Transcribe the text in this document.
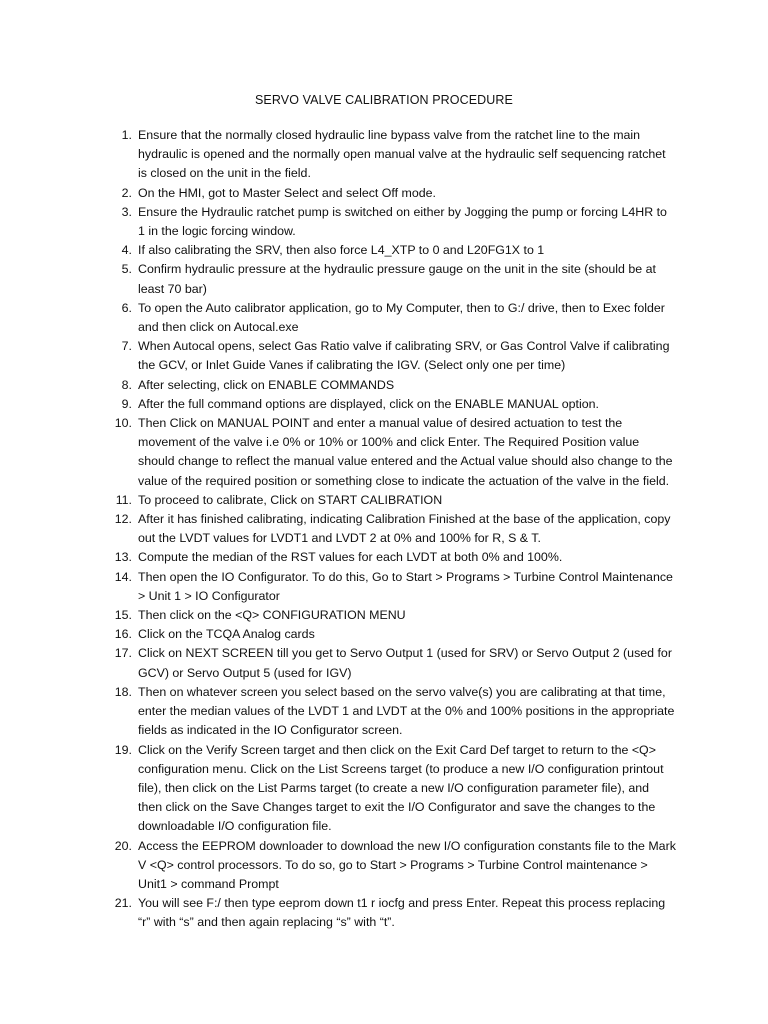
SERVO VALVE CALIBRATION PROCEDURE
1. Ensure that the normally closed hydraulic line bypass valve from the ratchet line to the main hydraulic is opened and the normally open manual valve at the hydraulic self sequencing ratchet is closed on the unit in the field.
2. On the HMI, got to Master Select and select Off mode.
3. Ensure the Hydraulic ratchet pump is switched on either by Jogging the pump or forcing L4HR to 1 in the logic forcing window.
4. If also calibrating the SRV, then also force L4_XTP to 0 and L20FG1X to 1
5. Confirm hydraulic pressure at the hydraulic pressure gauge on the unit in the site (should be at least 70 bar)
6. To open the Auto calibrator application, go to My Computer, then to G:/ drive, then to Exec folder and then click on Autocal.exe
7. When Autocal opens, select Gas Ratio valve if calibrating SRV, or Gas Control Valve if calibrating the GCV, or Inlet Guide Vanes if calibrating the IGV. (Select only one per time)
8. After selecting, click on ENABLE COMMANDS
9. After the full command options are displayed, click on the ENABLE MANUAL option.
10. Then Click on MANUAL POINT and enter a manual value of desired actuation to test the movement of the valve i.e 0% or 10% or 100% and click Enter. The Required Position value should change to reflect the manual value entered and the Actual value should also change to the value of the required position or something close to indicate the actuation of the valve in the field.
11. To proceed to calibrate, Click on START CALIBRATION
12. After it has finished calibrating, indicating Calibration Finished at the base of the application, copy out the LVDT values for LVDT1 and LVDT 2 at 0% and 100% for R, S & T.
13. Compute the median of the RST values for each LVDT at both 0% and 100%.
14. Then open the IO Configurator. To do this, Go to Start > Programs > Turbine Control Maintenance > Unit 1 > IO Configurator
15. Then click on the <Q> CONFIGURATION MENU
16. Click on the TCQA Analog cards
17. Click on NEXT SCREEN till you get to Servo Output 1 (used for SRV) or Servo Output 2 (used for GCV) or Servo Output 5 (used for IGV)
18. Then on whatever screen you select based on the servo valve(s) you are calibrating at that time, enter the median values of the LVDT 1 and LVDT at the 0% and 100% positions in the appropriate fields as indicated in the IO Configurator screen.
19. Click on the Verify Screen target and then click on the Exit Card Def target to return to the <Q> configuration menu. Click on the List Screens target (to produce a new I/O configuration printout file), then click on the List Parms target (to create a new I/O configuration parameter file), and then click on the Save Changes target to exit the I/O Configurator and save the changes to the downloadable I/O configuration file.
20. Access the EEPROM downloader to download the new I/O configuration constants file to the Mark V <Q> control processors. To do so, go to Start > Programs > Turbine Control maintenance > Unit1 > command Prompt
21. You will see F:/ then type eeprom down t1 r iocfg and press Enter. Repeat this process replacing “r” with “s” and then again replacing “s” with “t”.
